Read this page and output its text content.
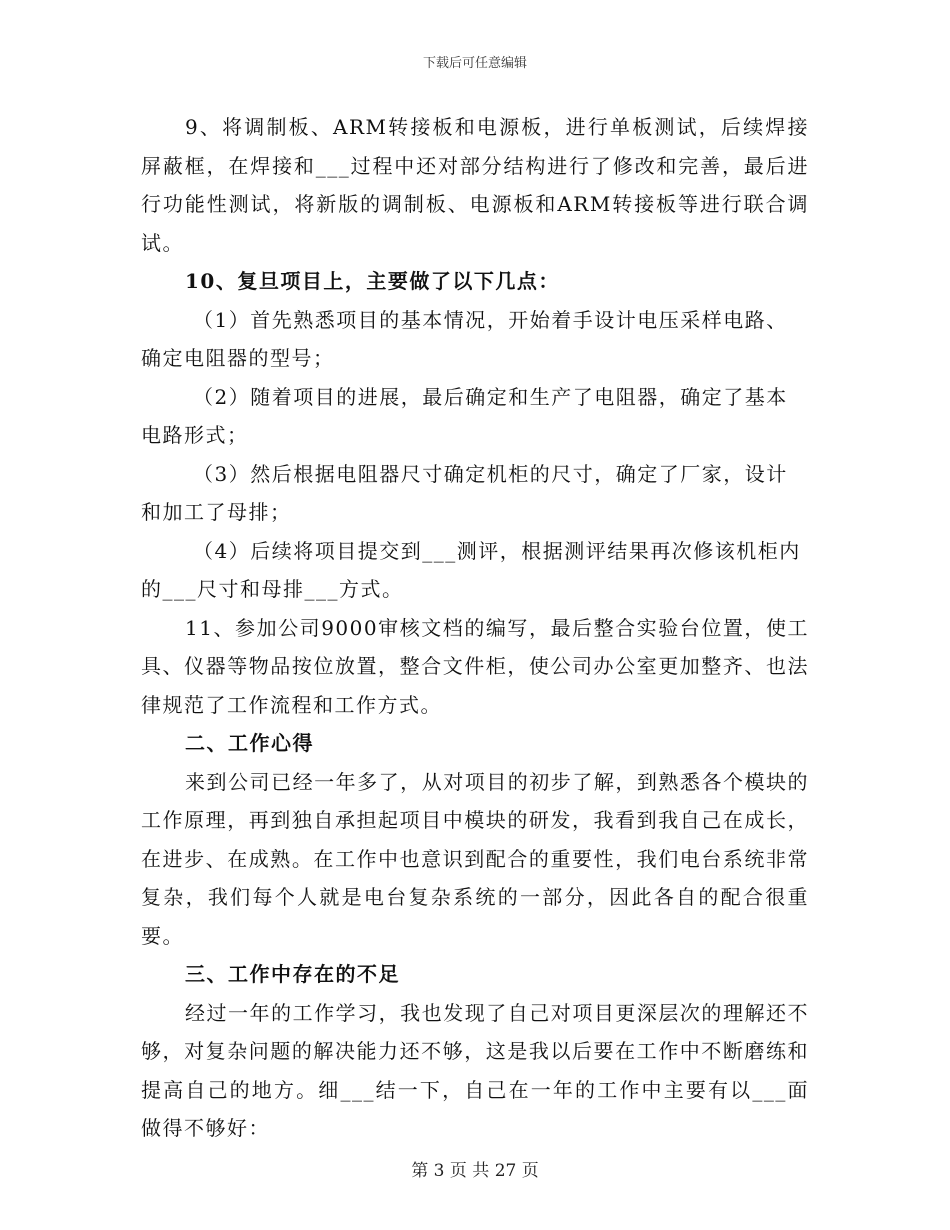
下载后可任意编辑

9、将调制板、ARM转接板和电源板，进行单板测试，后续焊接屏蔽框，在焊接和___过程中还对部分结构进行了修改和完善，最后进行功能性测试，将新版的调制板、电源板和ARM转接板等进行联合调试。

10、复旦项目上，主要做了以下几点：

（1）首先熟悉项目的基本情况，开始着手设计电压采样电路、确定电阻器的型号；

（2）随着项目的进展，最后确定和生产了电阻器，确定了基本电路形式；

（3）然后根据电阻器尺寸确定机柜的尺寸，确定了厂家，设计和加工了母排；

（4）后续将项目提交到___测评，根据测评结果再次修该机柜内的___尺寸和母排___方式。

11、参加公司9000审核文档的编写，最后整合实验台位置，使工具、仪器等物品按位放置，整合文件柜，使公司办公室更加整齐、也法律规范了工作流程和工作方式。

二、工作心得

来到公司已经一年多了，从对项目的初步了解，到熟悉各个模块的工作原理，再到独自承担起项目中模块的研发，我看到我自己在成长，在进步、在成熟。在工作中也意识到配合的重要性，我们电台系统非常复杂，我们每个人就是电台复杂系统的一部分，因此各自的配合很重要。

三、工作中存在的不足

经过一年的工作学习，我也发现了自己对项目更深层次的理解还不够，对复杂问题的解决能力还不够，这是我以后要在工作中不断磨练和提高自己的地方。细___结一下，自己在一年的工作中主要有以___面做得不够好：

第 3 页 共 27 页
